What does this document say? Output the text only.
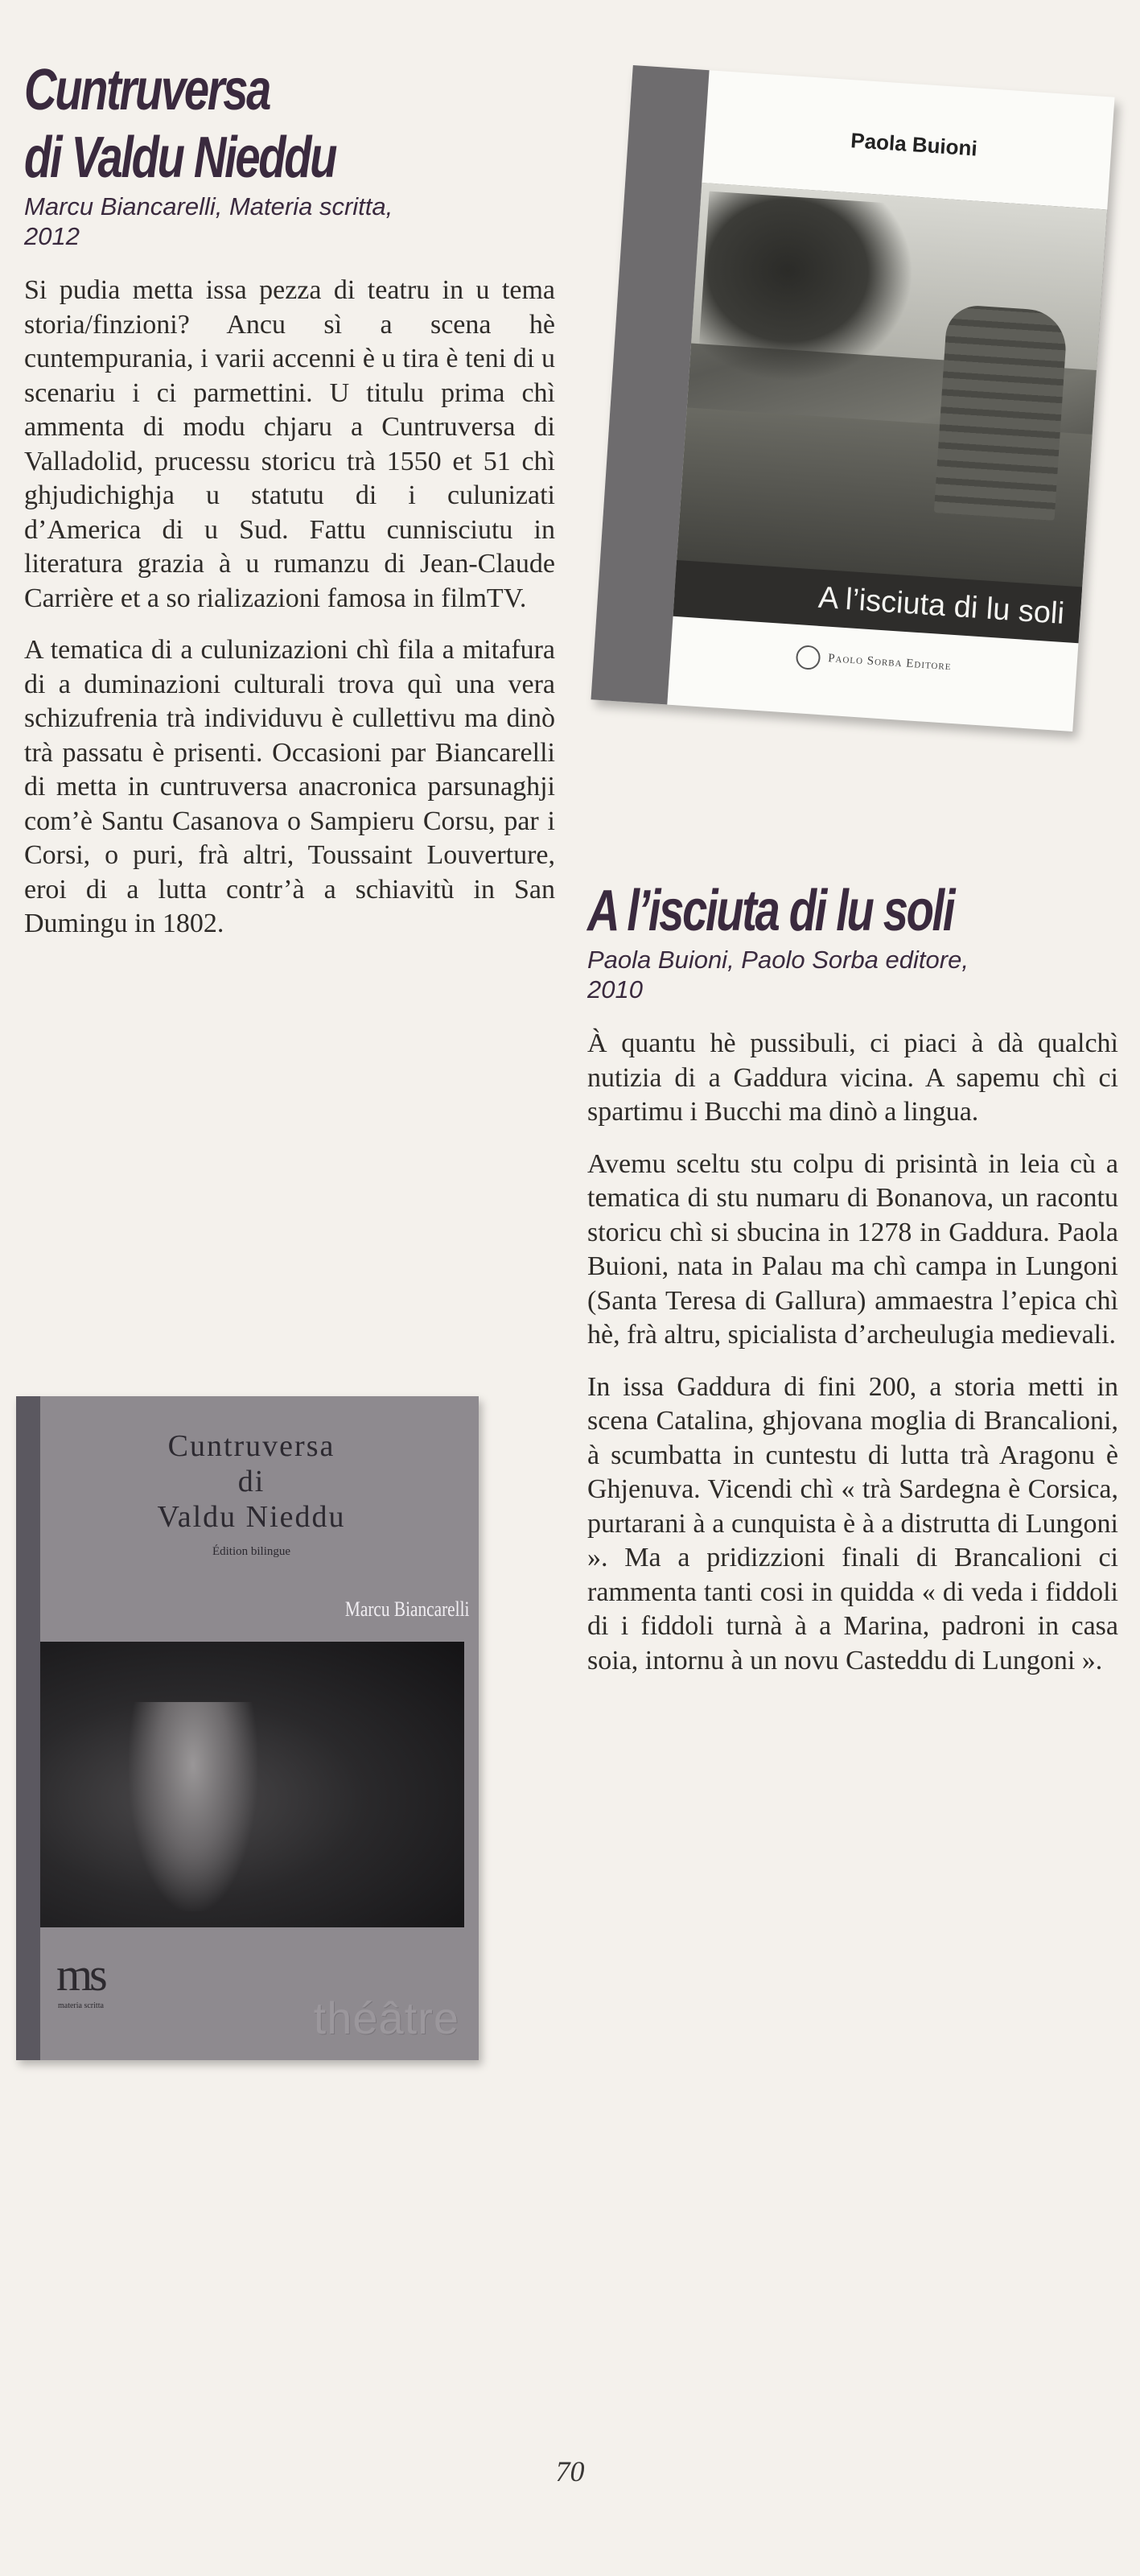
Cuntruversa
di Valdu Nieddu

Marcu Biancarelli, Materia scritta,
2012

Si pudia metta issa pezza di teatru in u tema storia/finzioni? Ancu sì a scena hè cuntempurania, i varii accenni è u tira è teni di u scenariu i ci parmettini. U titulu prima chì ammenta di modu chjaru a Cuntruversa di Valladolid, prucessu storicu trà 1550 et 51 chì ghjudichighja u statutu di i culunizati d’America di u Sud. Fattu cunnisciutu in literatura grazia à u rumanzu di Jean-Claude Carrière et a so rializazioni famosa in filmTV.

A tematica di a culunizazioni chì fila a mitafura di a duminazioni culturali trova quì una vera schizufrenia trà individuvu è cullettivu ma dinò trà passatu è prisenti. Occasioni par Biancarelli di metta in cuntruversa anacronica parsunaghji com’è Santu Casanova o Sampieru Corsu, par i Corsi, o puri, frà altri, Toussaint Louverture, eroi di a lutta contr’à a schiavitù in San Dumingu in 1802.

Paola Buioni
A l’isciuta di lu soli
Paolo Sorba Editore
Cuntruversa
di
Valdu Nieddu
Édition bilingue
Marcu Biancarelli
ms
materia scritta	théâtre
A l’isciuta di lu soli

Paola Buioni, Paolo Sorba editore,
2010

À quantu hè pussibuli, ci piaci à dà qualchì nutizia di a Gaddura vicina. A sapemu chì ci spartimu i Bucchi ma dinò a lingua.

Avemu sceltu stu colpu di prisintà in leia cù a tematica di stu numaru di Bonanova, un racontu storicu chì si sbucina in 1278 in Gaddura. Paola Buioni, nata in Palau ma chì campa in Lungoni (Santa Teresa di Gallura) ammaestra l’epica chì hè, frà altru, spicialista d’archeulugia medievali.

In issa Gaddura di fini 200, a storia metti in scena Catalina, ghjovana moglia di Brancalioni, à scumbatta in cuntestu di lutta trà Aragonu è Ghjenuva. Vicendi chì « trà Sardegna è Corsica, purtarani à a cunquista è à a distrutta di Lungoni ». Ma a pridizzioni finali di Brancalioni ci rammenta tanti cosi in quidda « di veda i fiddoli di i fiddoli turnà à a Marina, padroni in casa soia, intornu à un novu Casteddu di Lungoni ».

70
